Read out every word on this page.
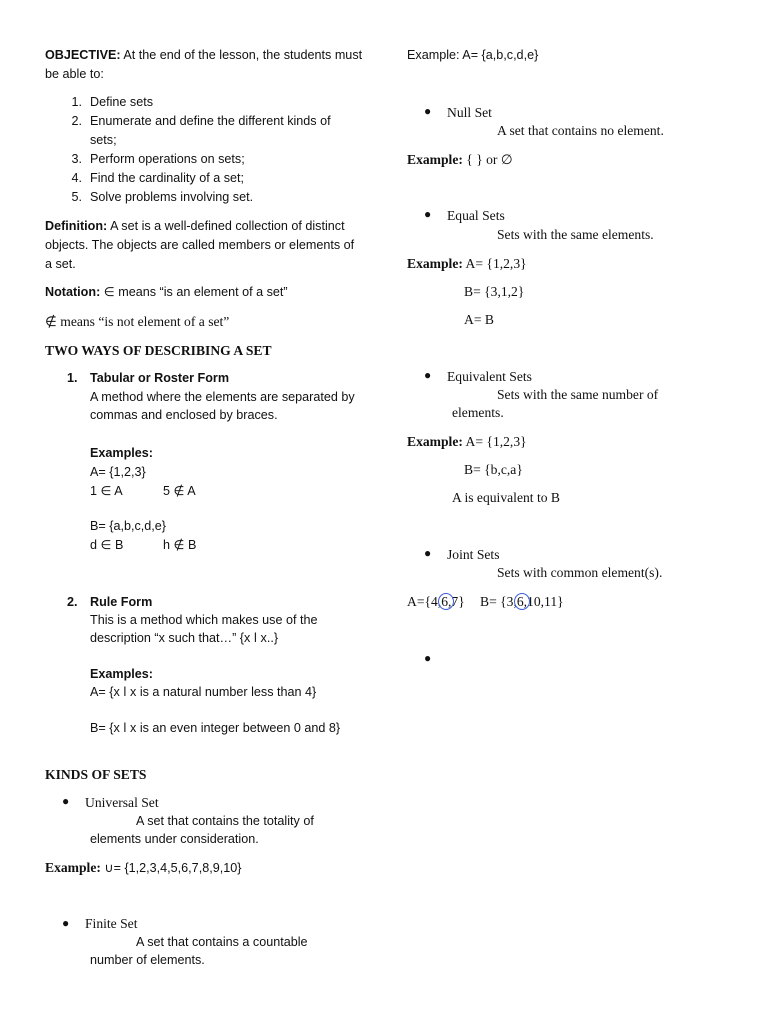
OBJECTIVE: At the end of the lesson, the students must
be able to:
1. Define sets
2. Enumerate and define the different kinds of
sets;
3. Perform operations on sets;
4. Find the cardinality of a set;
5. Solve problems involving set.
Definition: A set is a well-defined collection of distinct
objects. The objects are called members or elements of
a set.
Notation: ∈ means “is an element of a set”
∉ means “is not element of a set”
TWO WAYS OF DESCRIBING A SET
1. Tabular or Roster Form
A method where the elements are separated by
commas and enclosed by braces.
Examples:
A= {1,2,3}
1 ∈ A	5 ∉ A
B= {a,b,c,d,e}
d ∈ B	h ∉ B
2. Rule Form
This is a method which makes use of the
description “x such that…” {x ǀ x..}
Examples:
A= {x ǀ x is a natural number less than 4}
B= {x ǀ x is an even integer between 0 and 8}
KINDS OF SETS
● Universal Set
A set that contains the totality of
elements under consideration.
Example: ∪= {1,2,3,4,5,6,7,8,9,10}
● Finite Set
A set that contains a countable
number of elements.
Example: A= {a,b,c,d,e}
● Null Set
A set that contains no element.
Example: { } or ∅
● Equal Sets
Sets with the same elements.
Example: A= {1,2,3}
B= {3,1,2}
A= B
● Equivalent Sets
Sets with the same number of
elements.
Example: A= {1,2,3}
B= {b,c,a}
A is equivalent to B
● Joint Sets
Sets with common element(s).
A={4,6,7} B= {3,6,10,11}
●
